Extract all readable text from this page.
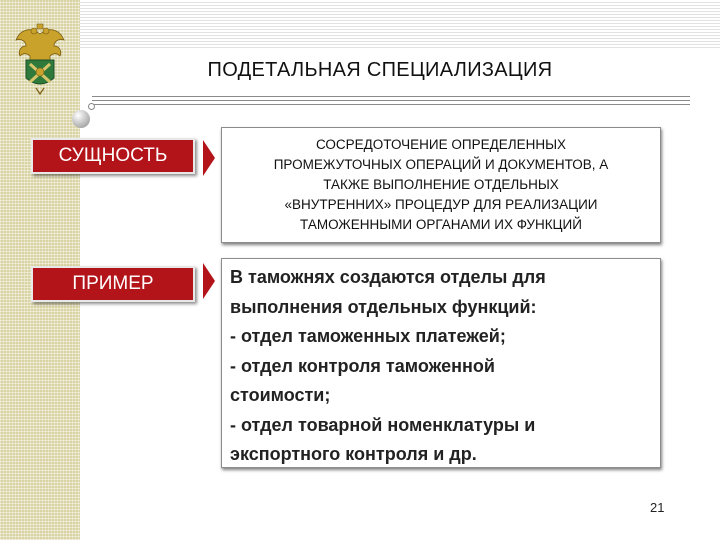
ПОДЕТАЛЬНАЯ СПЕЦИАЛИЗАЦИЯ
СУЩНОСТЬ
СОСРЕДОТОЧЕНИЕ ОПРЕДЕЛЕННЫХ
ПРОМЕЖУТОЧНЫХ ОПЕРАЦИЙ И ДОКУМЕНТОВ, А
ТАКЖЕ ВЫПОЛНЕНИЕ ОТДЕЛЬНЫХ
«ВНУТРЕННИХ» ПРОЦЕДУР ДЛЯ РЕАЛИЗАЦИИ
ТАМОЖЕННЫМИ ОРГАНАМИ ИХ ФУНКЦИЙ
ПРИМЕР	В таможнях создаются отделы для
выполнения отдельных функций:
- отдел таможенных платежей;
- отдел контроля таможенной
стоимости;
- отдел товарной номенклатуры и
экспортного контроля и др.
21
